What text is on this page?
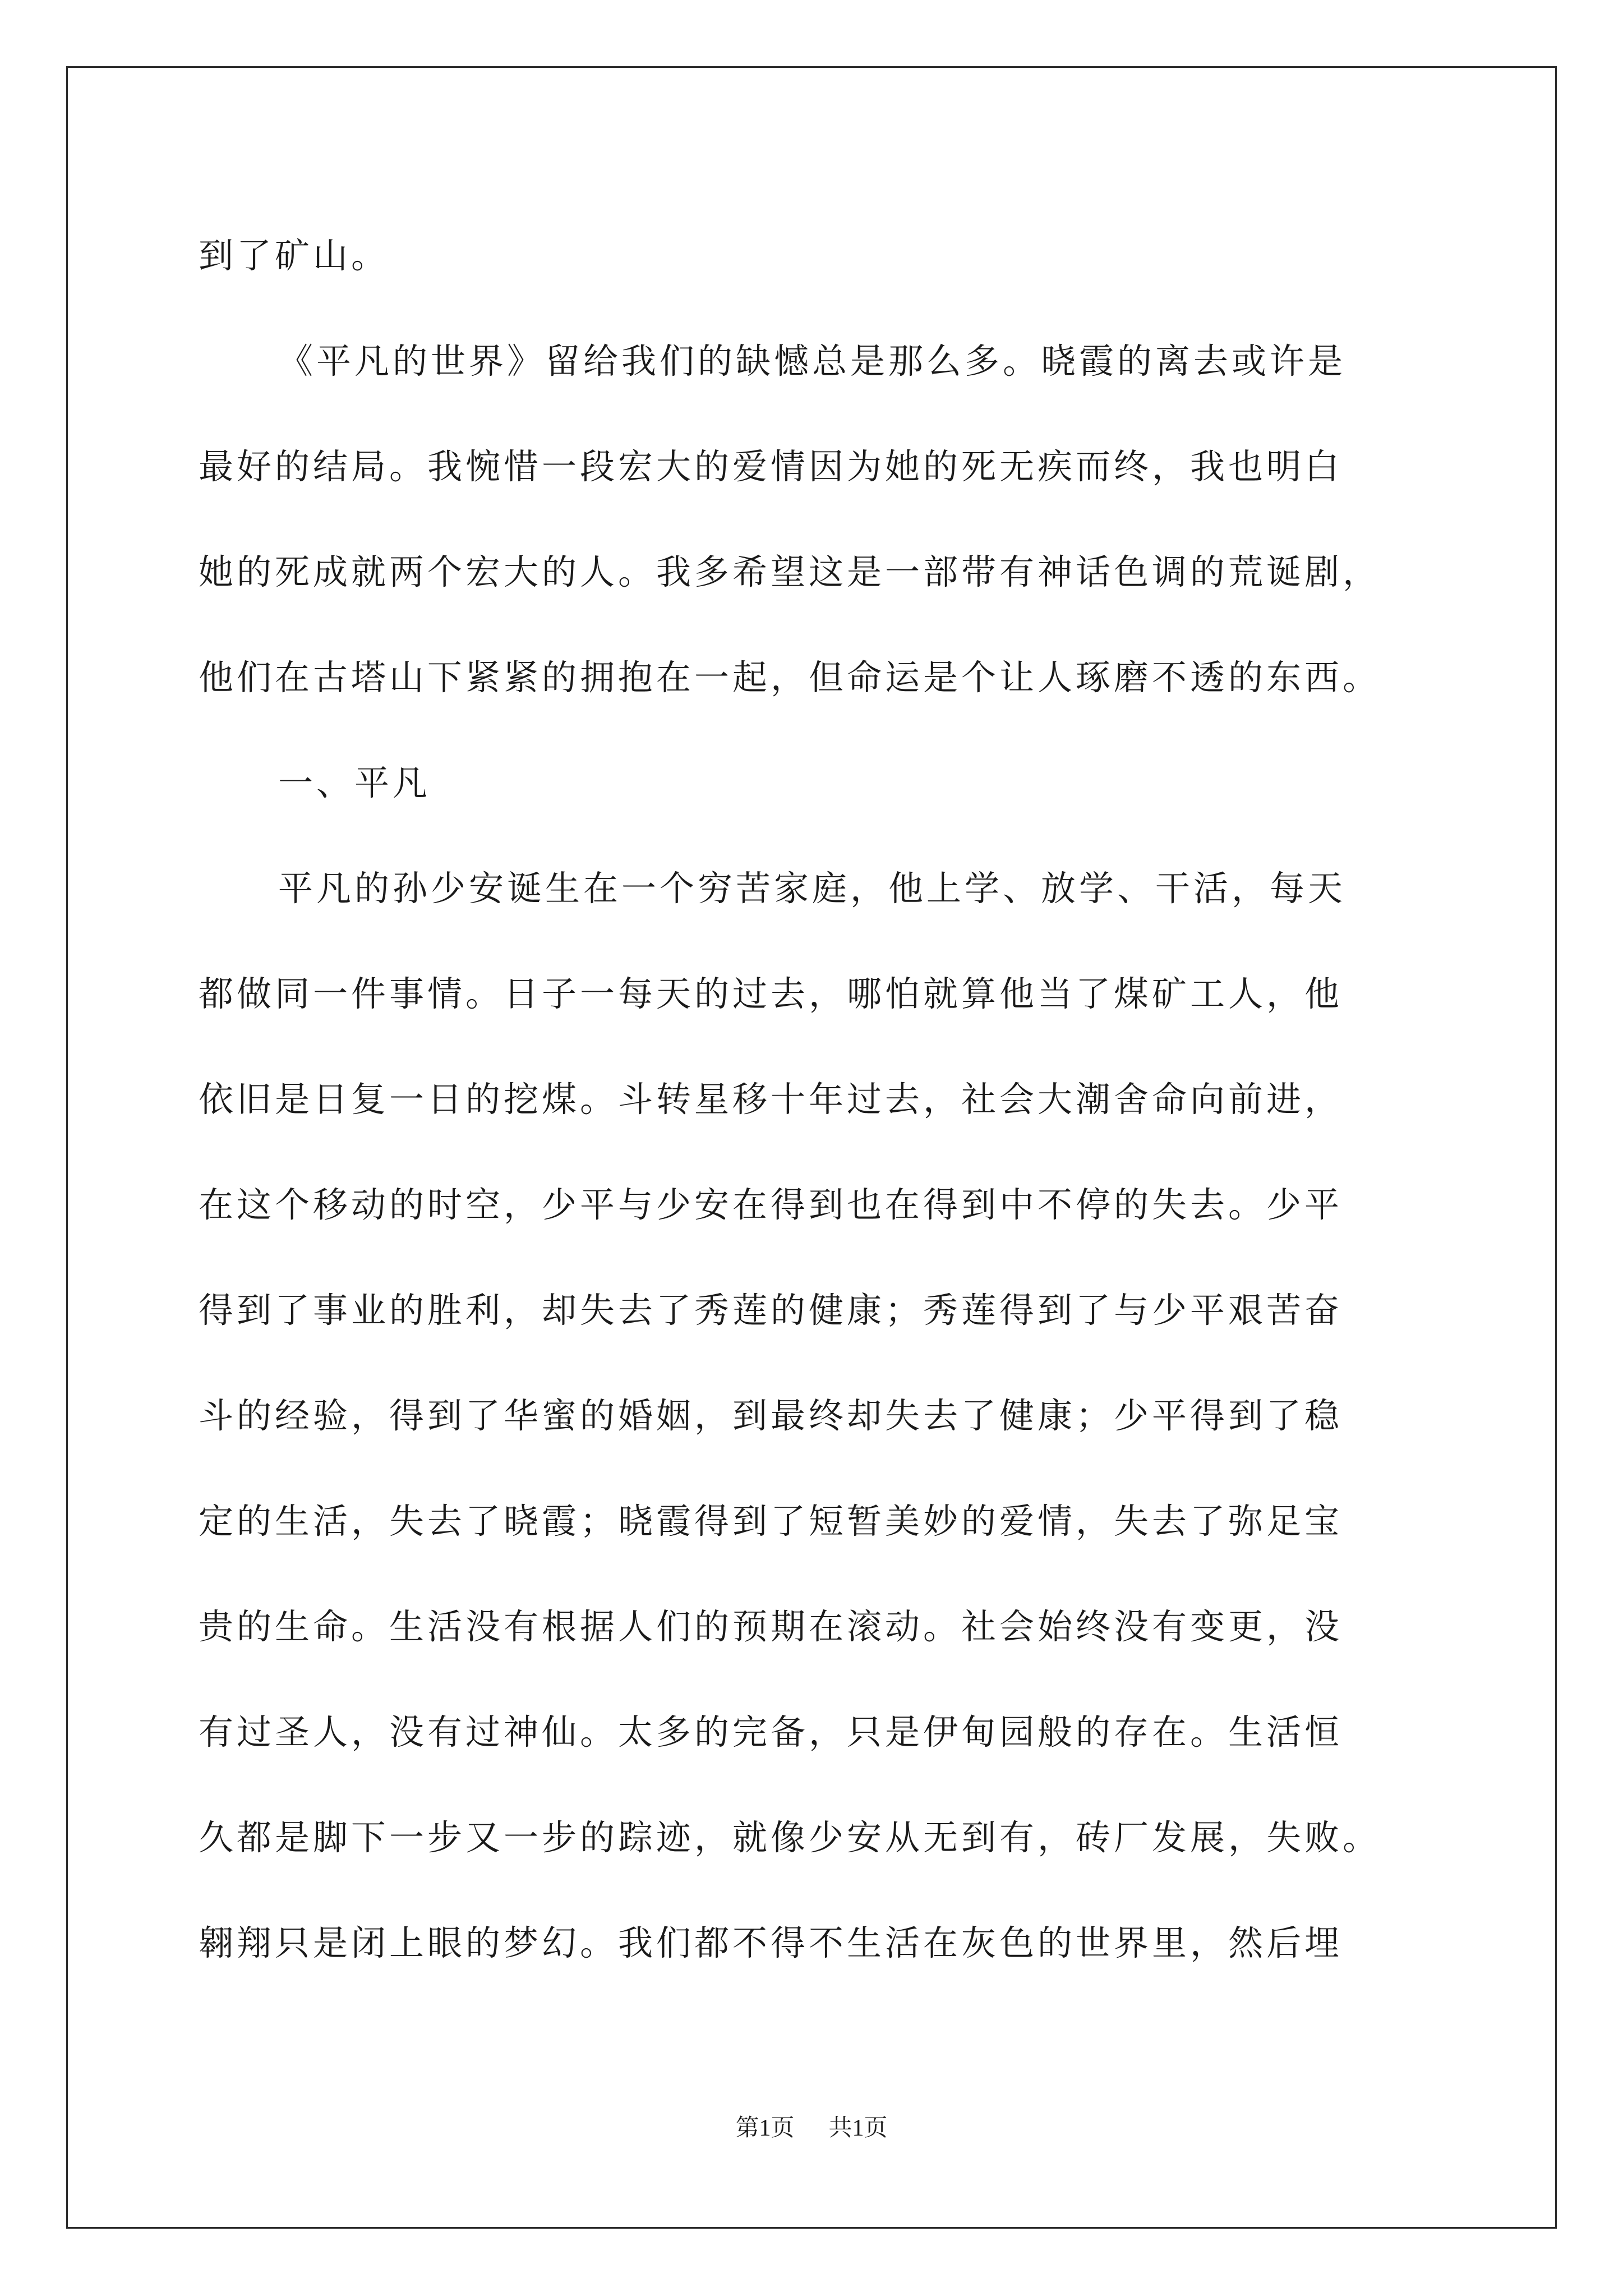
到了矿山。
《平凡的世界》留给我们的缺憾总是那么多。晓霞的离去或许是
最好的结局。我惋惜一段宏大的爱情因为她的死无疾而终，我也明白
她的死成就两个宏大的人。我多希望这是一部带有神话色调的荒诞剧，
他们在古塔山下紧紧的拥抱在一起，但命运是个让人琢磨不透的东西。
一、平凡
平凡的孙少安诞生在一个穷苦家庭，他上学、放学、干活，每天
都做同一件事情。日子一每天的过去，哪怕就算他当了煤矿工人，他
依旧是日复一日的挖煤。斗转星移十年过去，社会大潮舍命向前进，
在这个移动的时空，少平与少安在得到也在得到中不停的失去。少平
得到了事业的胜利，却失去了秀莲的健康；秀莲得到了与少平艰苦奋
斗的经验，得到了华蜜的婚姻，到最终却失去了健康；少平得到了稳
定的生活，失去了晓霞；晓霞得到了短暂美妙的爱情，失去了弥足宝
贵的生命。生活没有根据人们的预期在滚动。社会始终没有变更，没
有过圣人，没有过神仙。太多的完备，只是伊甸园般的存在。生活恒
久都是脚下一步又一步的踪迹，就像少安从无到有，砖厂发展，失败。
翱翔只是闭上眼的梦幻。我们都不得不生活在灰色的世界里，然后埋
第1页 共1页
